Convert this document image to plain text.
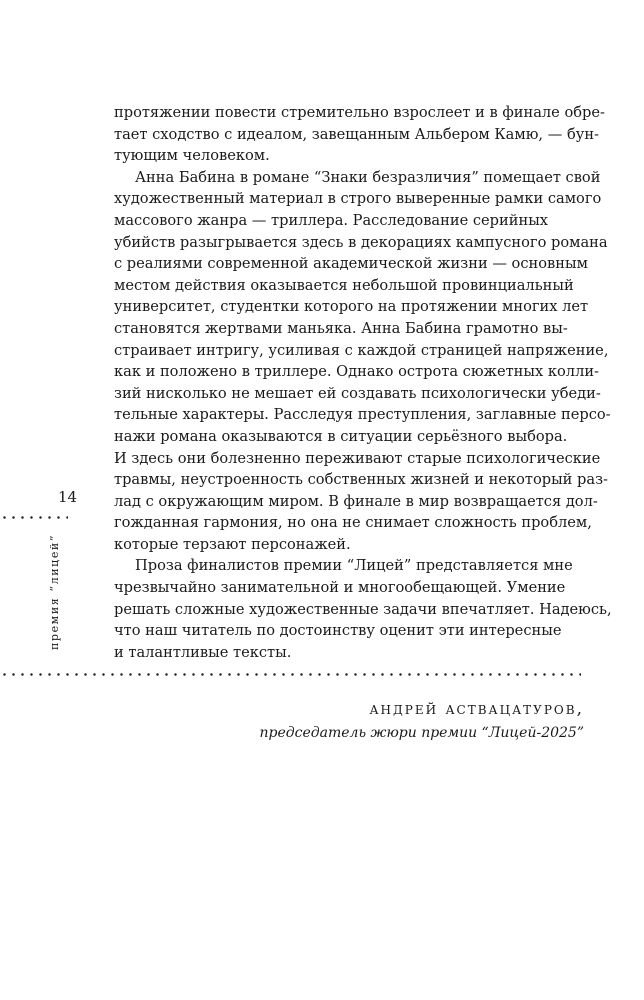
протяжении повести стремительно взрослеет и в финале обре-
тает сходство с идеалом, завещанным Альбером Камю, — бун-
тующим человеком.
Анна Бабина в романе “Знаки безразличия” помещает свой
художественный материал в строго выверенные рамки самого
массового жанра — триллера. Расследование серийных
убийств разыгрывается здесь в декорациях кампусного романа
с реалиями современной академической жизни — основным
местом действия оказывается небольшой провинциальный
университет, студентки которого на протяжении многих лет
становятся жертвами маньяка. Анна Бабина грамотно вы-
страивает интригу, усиливая с каждой страницей напряжение,
как и положено в триллере. Однако острота сюжетных колли-
зий нисколько не мешает ей создавать психологически убеди-
тельные характеры. Расследуя преступления, заглавные персо-
нажи романа оказываются в ситуации серьёзного выбора.
И здесь они болезненно переживают старые психологические
травмы, неустроенность собственных жизней и некоторый раз-
лад с окружающим миром. В финале в мир возвращается дол-
гожданная гармония, но она не снимает сложность проблем,
которые терзают персонажей.
Проза финалистов премии “Лицей” представляется мне
чрезвычайно занимательной и многообещающей. Умение
решать сложные художественные задачи впечатляет. Надеюсь,
что наш читатель по достоинству оценит эти интересные
и талантливые тексты.
14
премия “лицей”
андрей аствацатуров,
председатель жюри премии “Лицей-2025”
